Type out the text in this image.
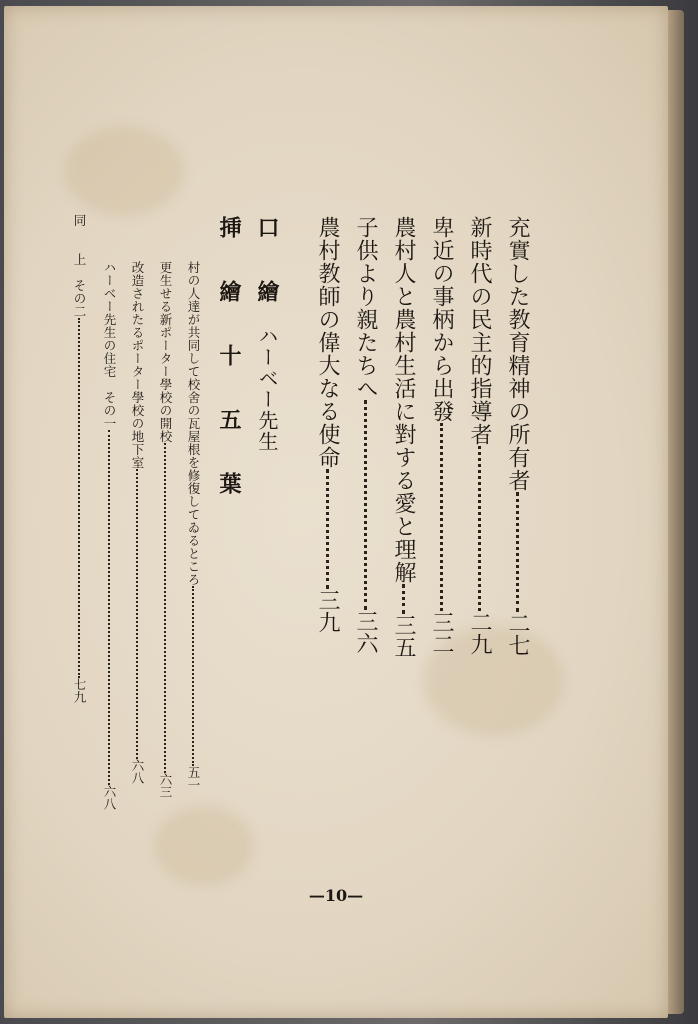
充實した教育精神の所有者二七
新時代の民主的指導者二九
卑近の事柄から出發三二
農村人と農村生活に對する愛と理解三五
子供より親たちへ三六
農村教師の偉大なる使命三九
口　繪ハーベー先生
挿　繪　十　五　葉
村の人達が共同して校舍の瓦屋根を修復してゐるところ五一
更生せる新ポーター學校の開校六三
改造されたるポーター學校の地下室六八
ハーベー先生の住宅　その一六八
同　　上　その二七九
—10—
